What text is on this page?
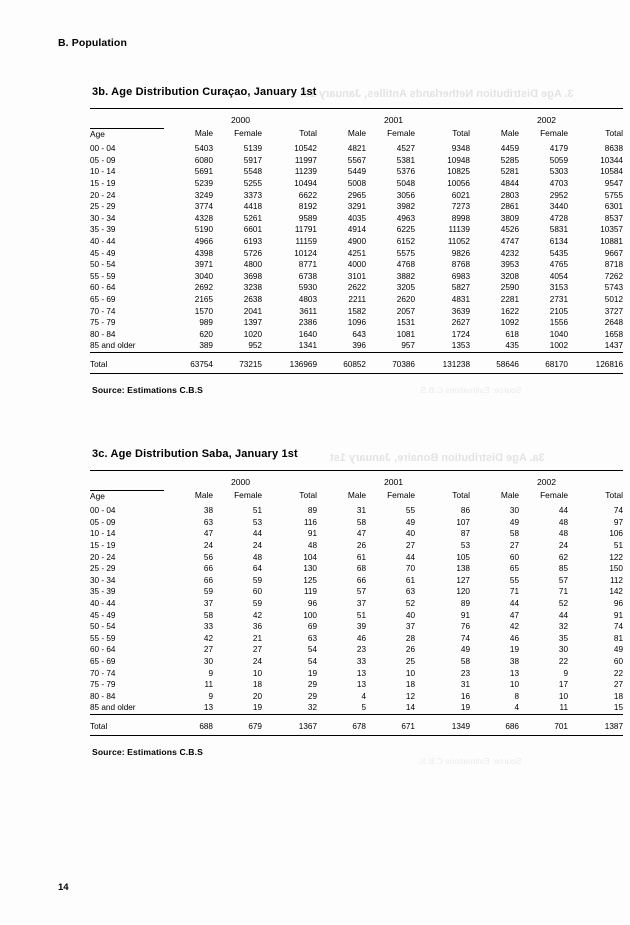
3. Age Distribution Netherlands Antilles, January 1st
Source: Estimations C.B.S.
3a. Age Distribution Bonaire, January 1st
Source: Estimations C.B.S.
B. Population
3b. Age Distribution Curaçao, January 1st

	2000			2001			2002		
Age	Male	Female	Total	Male	Female	Total	Male	Female	Total
00 - 04	5403	5139	10542	4821	4527	9348	4459	4179	8638
05 - 09	6080	5917	11997	5567	5381	10948	5285	5059	10344
10 - 14	5691	5548	11239	5449	5376	10825	5281	5303	10584
15 - 19	5239	5255	10494	5008	5048	10056	4844	4703	9547
20 - 24	3249	3373	6622	2965	3056	6021	2803	2952	5755
25 - 29	3774	4418	8192	3291	3982	7273	2861	3440	6301
30 - 34	4328	5261	9589	4035	4963	8998	3809	4728	8537
35 - 39	5190	6601	11791	4914	6225	11139	4526	5831	10357
40 - 44	4966	6193	11159	4900	6152	11052	4747	6134	10881
45 - 49	4398	5726	10124	4251	5575	9826	4232	5435	9667
50 - 54	3971	4800	8771	4000	4768	8768	3953	4765	8718
55 - 59	3040	3698	6738	3101	3882	6983	3208	4054	7262
60 - 64	2692	3238	5930	2622	3205	5827	2590	3153	5743
65 - 69	2165	2638	4803	2211	2620	4831	2281	2731	5012
70 - 74	1570	2041	3611	1582	2057	3639	1622	2105	3727
75 - 79	989	1397	2386	1096	1531	2627	1092	1556	2648
80 - 84	620	1020	1640	643	1081	1724	618	1040	1658
85 and older	389	952	1341	396	957	1353	435	1002	1437

Total	63754	73215	136969	60852	70386	131238	58646	68170	126816

Source: Estimations C.B.S
3c. Age Distribution Saba, January 1st

	2000			2001			2002		
Age	Male	Female	Total	Male	Female	Total	Male	Female	Total
00 - 04	38	51	89	31	55	86	30	44	74
05 - 09	63	53	116	58	49	107	49	48	97
10 - 14	47	44	91	47	40	87	58	48	106
15 - 19	24	24	48	26	27	53	27	24	51
20 - 24	56	48	104	61	44	105	60	62	122
25 - 29	66	64	130	68	70	138	65	85	150
30 - 34	66	59	125	66	61	127	55	57	112
35 - 39	59	60	119	57	63	120	71	71	142
40 - 44	37	59	96	37	52	89	44	52	96
45 - 49	58	42	100	51	40	91	47	44	91
50 - 54	33	36	69	39	37	76	42	32	74
55 - 59	42	21	63	46	28	74	46	35	81
60 - 64	27	27	54	23	26	49	19	30	49
65 - 69	30	24	54	33	25	58	38	22	60
70 - 74	9	10	19	13	10	23	13	9	22
75 - 79	11	18	29	13	18	31	10	17	27
80 - 84	9	20	29	4	12	16	8	10	18
85 and older	13	19	32	5	14	19	4	11	15

Total	688	679	1367	678	671	1349	686	701	1387

Source: Estimations C.B.S
14
